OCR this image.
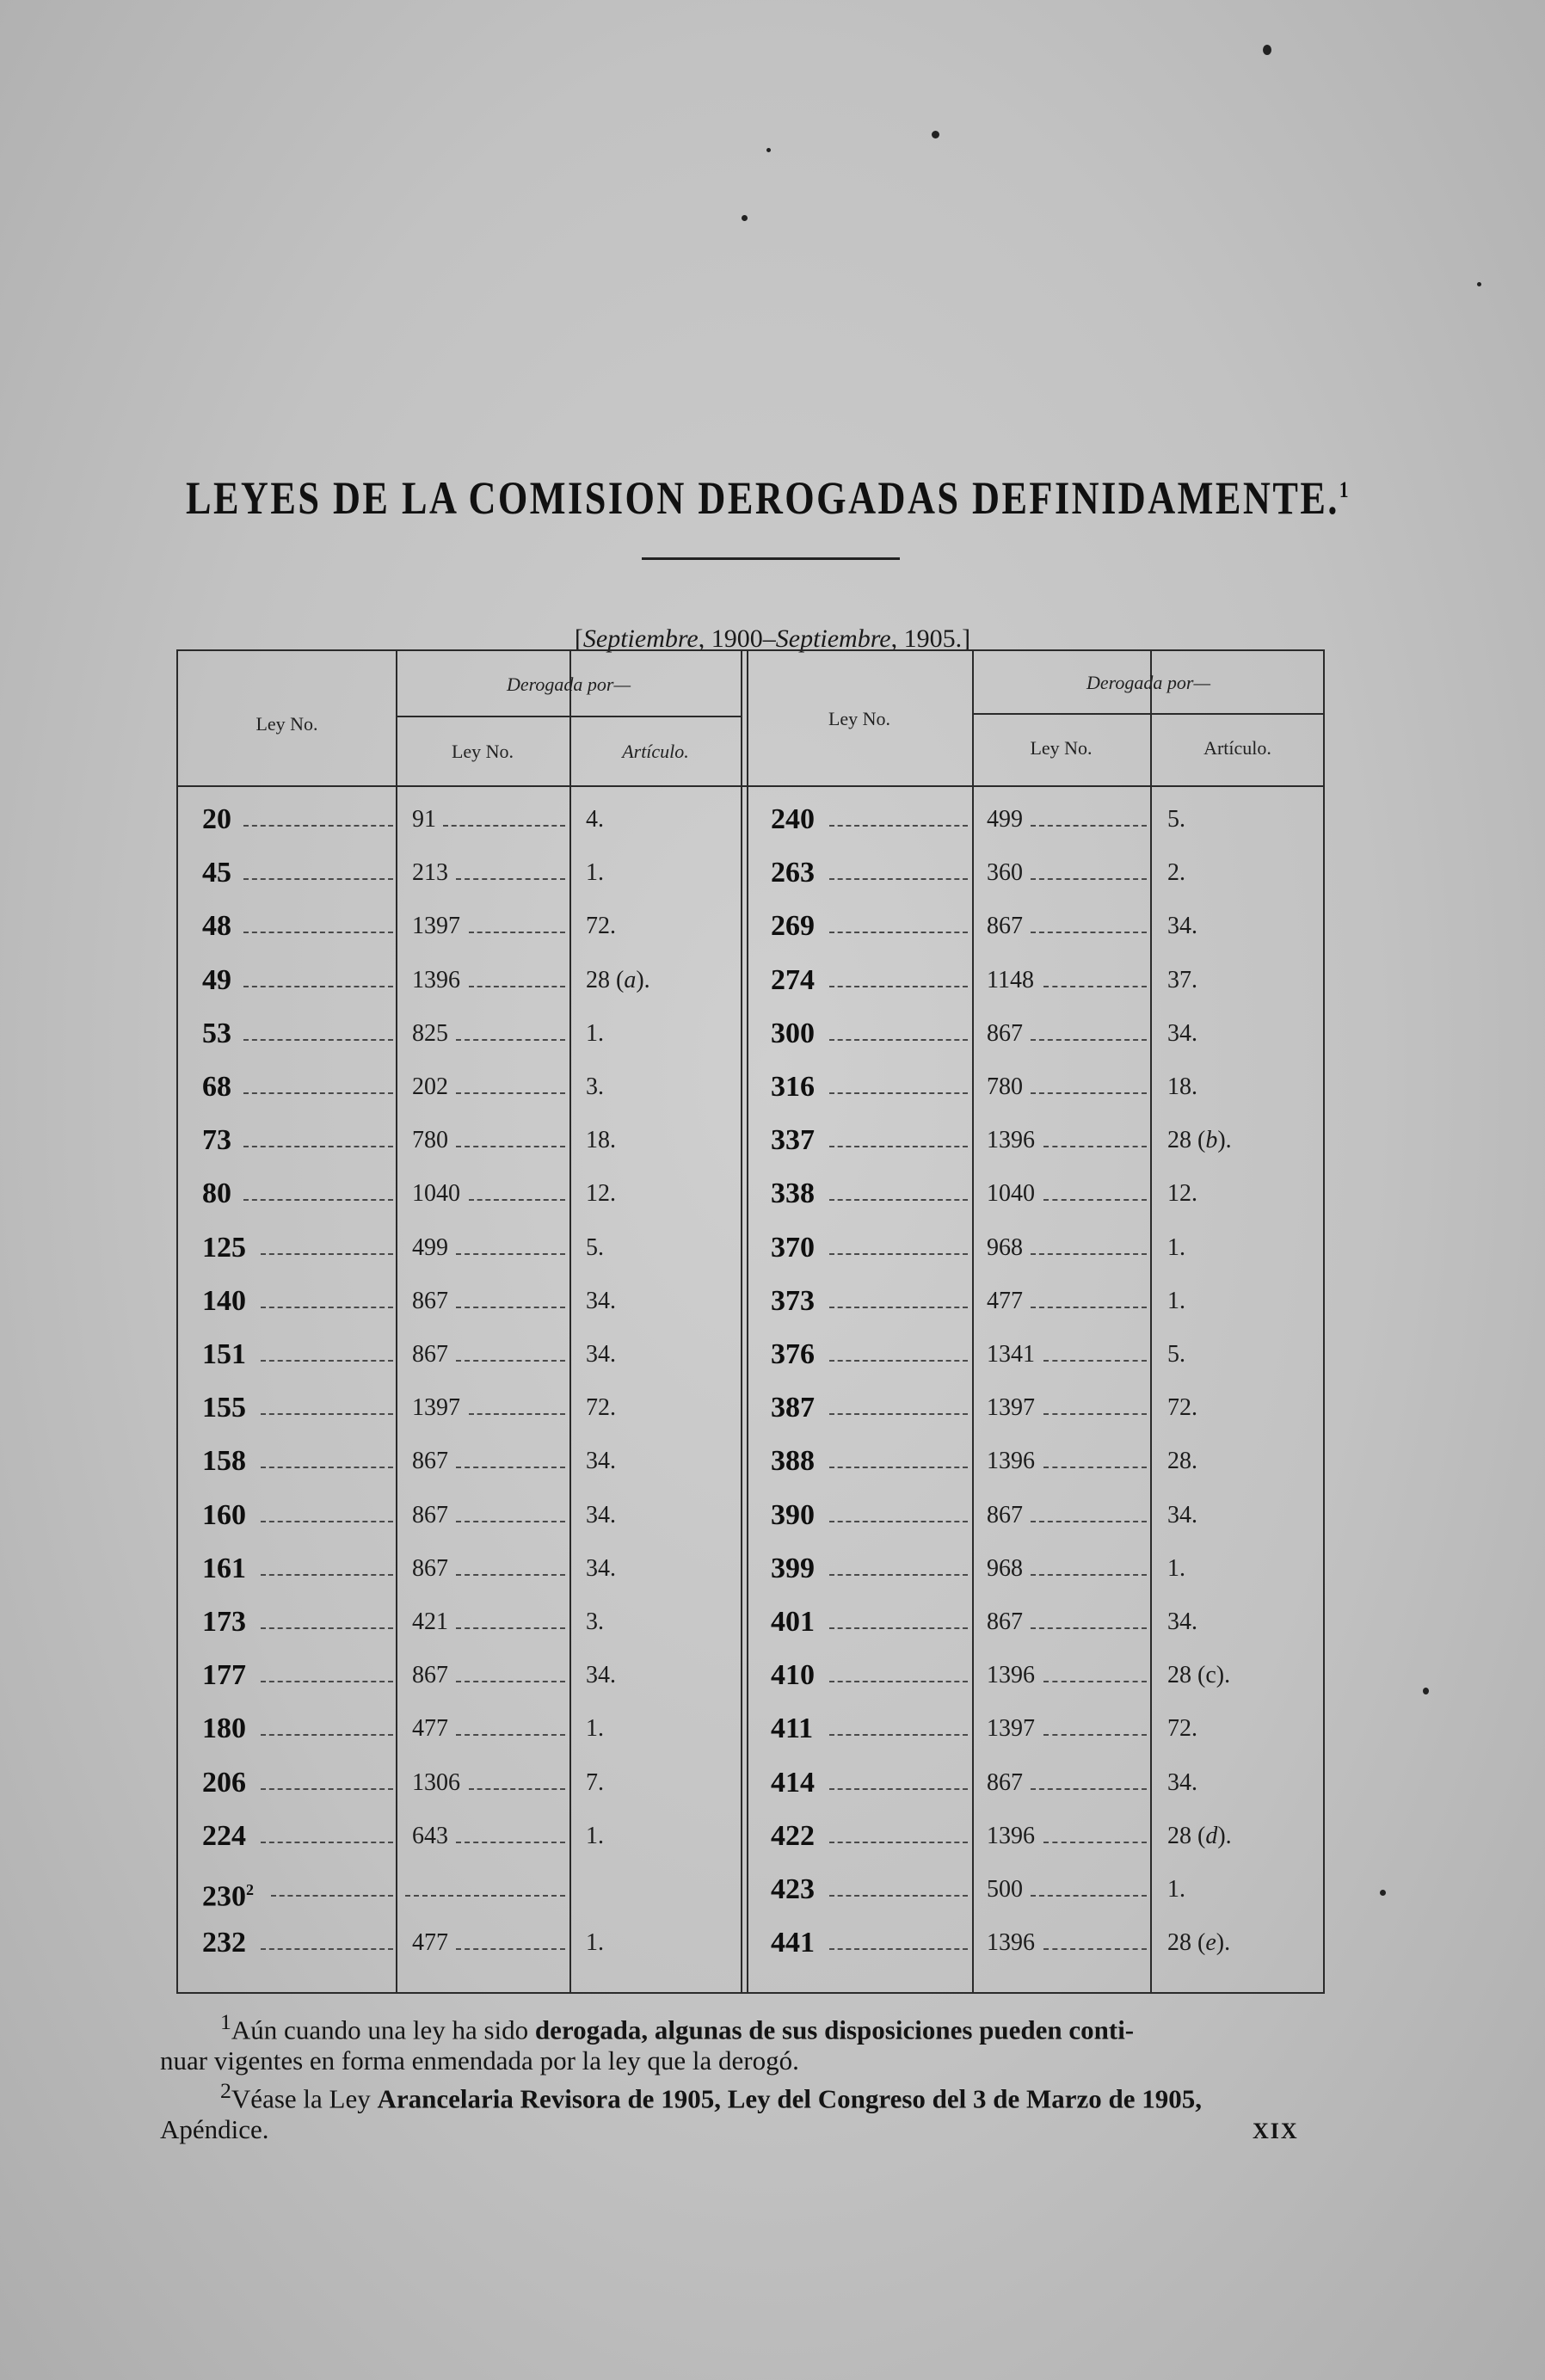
LEYES DE LA COMISION DEROGADAS DEFINIDAMENTE.$^1$
[Septiembre, 1900–Septiembre, 1905.]
Ley No.
Derogada por—
Ley No.	Artículo.
Ley No.
Derogada por—
Ley No.	Artículo.
20	91	4.
45	213	1.
48	1397	72.
49	1396	28 (a).
53	825	1.
68	202	3.
73	780	18.
80	1040	12.
125	499	5.
140	867	34.
151	867	34.
155	1397	72.
158	867	34.
160	867	34.
161	867	34.
173	421	3.
177	867	34.
180	477	1.
206	1306	7.
224	643	1.
$230^2$
232	477	1.
240	499	5.
263	360	2.
269	867	34.
274	1148	37.
300	867	34.
316	780	18.
337	1396	28 (b).
338	1040	12.
370	968	1.
373	477	1.
376	1341	5.
387	1397	72.
388	1396	28.
390	867	34.
399	968	1.
401	867	34.
410	1396	28 (c).
411	1397	72.
414	867	34.
422	1396	28 (d).
423	500	1.
441	1396	28 (e).
$^1$Aún cuando una ley ha sido derogada, algunas de sus disposiciones pueden conti-
nuar vigentes en forma enmendada por la ley que la derogó.
$^2$Véase la Ley Arancelaria Revisora de 1905, Ley del Congreso del 3 de Marzo de 1905,
Apéndice.	XIX
